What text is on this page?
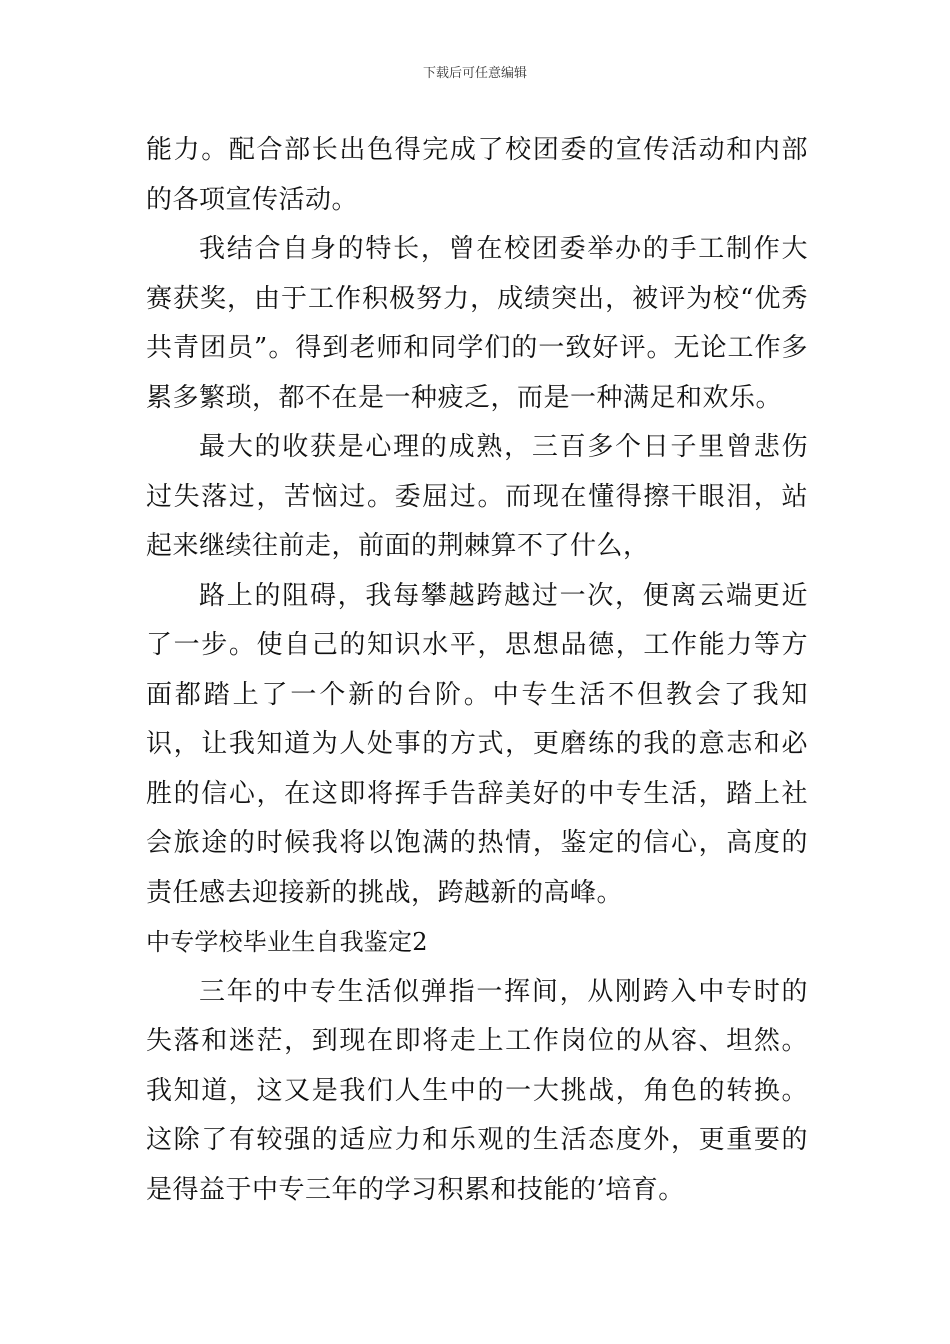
下载后可任意编辑

能力。配合部长出色得完成了校团委的宣传活动和内部的各项宣传活动。

我结合自身的特长，曾在校团委举办的手工制作大赛获奖，由于工作积极努力，成绩突出，被评为校“优秀共青团员”。得到老师和同学们的一致好评。无论工作多累多繁琐，都不在是一种疲乏，而是一种满足和欢乐。

最大的收获是心理的成熟，三百多个日子里曾悲伤过失落过，苦恼过。委屈过。而现在懂得擦干眼泪，站起来继续往前走，前面的荆棘算不了什么，

路上的阻碍，我每攀越跨越过一次，便离云端更近了一步。使自己的知识水平，思想品德，工作能力等方面都踏上了一个新的台阶。中专生活不但教会了我知识，让我知道为人处事的方式，更磨练的我的意志和必胜的信心，在这即将挥手告辞美好的中专生活，踏上社会旅途的时候我将以饱满的热情，鉴定的信心，高度的责任感去迎接新的挑战，跨越新的高峰。

中专学校毕业生自我鉴定2

三年的中专生活似弹指一挥间，从刚跨入中专时的失落和迷茫，到现在即将走上工作岗位的从容、坦然。我知道，这又是我们人生中的一大挑战，角色的转换。这除了有较强的适应力和乐观的生活态度外，更重要的是得益于中专三年的学习积累和技能的’培育。
